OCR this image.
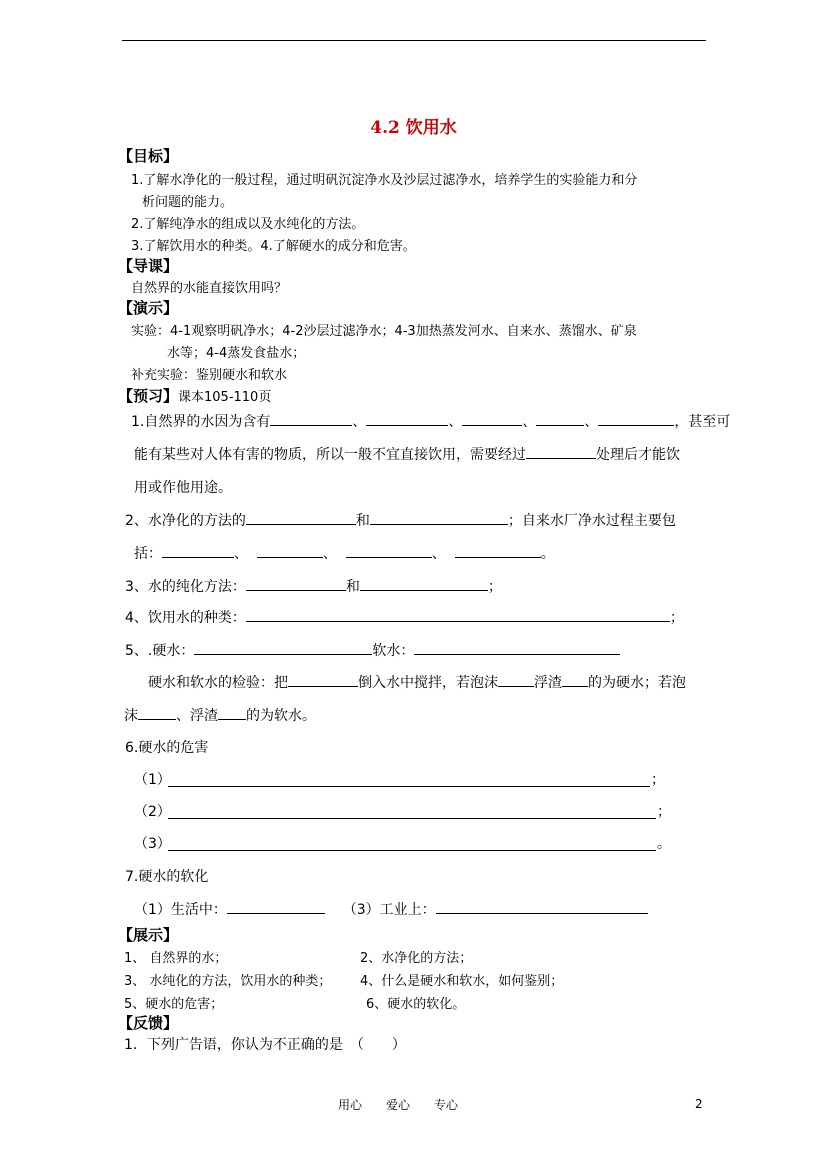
4.2 饮用水
【目标】
1.了解水净化的一般过程，通过明矾沉淀净水及沙层过滤净水，培养学生的实验能力和分
析问题的能力。
2.了解纯净水的组成以及水纯化的方法。
3.了解饮用水的种类。4.了解硬水的成分和危害。
【导课】
自然界的水能直接饮用吗？
【演示】
实验：4-1观察明矾净水；4-2沙层过滤净水；4-3加热蒸发河水、自来水、蒸馏水、矿泉
水等；4-4蒸发食盐水；
补充实验：鉴别硬水和软水
【预习】课本105-110页
1.自然界的水因为含有	、	、	、	、	，甚至可
能有某些对人体有害的物质，所以一般不宜直接饮用，需要经过	处理后才能饮
用或作他用途。
2、水净化的方法的	和	；自来水厂净水过程主要包
括：	、	、	、	。
3、水的纯化方法：	和	；
4、饮用水的种类：	；
5、.硬水：	软水：
硬水和软水的检验：把	倒入水中搅拌，若泡沫	浮渣 的为硬水；若泡
沫	、浮渣 的为软水。
6.硬水的危害
（1）	；
（2）	；
（3）	。
7.硬水的软化
（1）生活中：	（3）工业上：
【展示】
1、 自然界的水；	2、水净化的方法；
3、 水纯化的方法，饮用水的种类； 4、什么是硬水和软水，如何鉴别；
5、硬水的危害；	6、硬水的软化。
【反馈】
1．下列广告语，你认为不正确的是　（　　）
用心　　爱心　　专心	2
